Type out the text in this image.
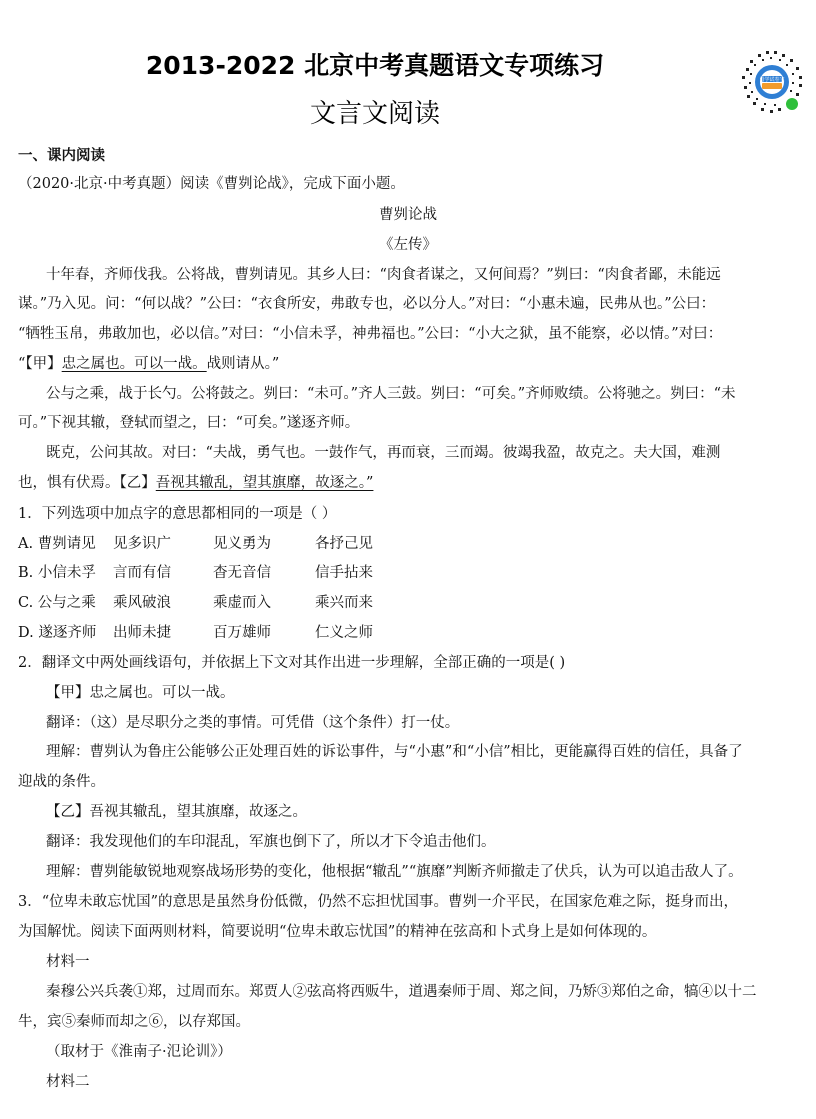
2013-2022 北京中考真题语文专项练习
文言文阅读
留学试卷宝
一、课内阅读
（2020·北京·中考真题）阅读《曹刿论战》，完成下面小题。
曹刿论战
《左传》
十年春，齐师伐我。公将战，曹刿请见。其乡人曰：“肉食者谋之，又何间焉？”刿曰：“肉食者鄙，未能远
谋。”乃入见。问：“何以战？”公曰：“衣食所安，弗敢专也，必以分人。”对曰：“小惠未遍，民弗从也。”公曰：
“牺牲玉帛，弗敢加也，必以信。”对曰：“小信未孚，神弗福也。”公曰：“小大之狱，虽不能察，必以情。”对曰：
“【甲】忠之属也。可以一战。战则请从。”
公与之乘，战于长勺。公将鼓之。刿曰：“未可。”齐人三鼓。刿曰：“可矣。”齐师败绩。公将驰之。刿曰：“未
可。”下视其辙，登轼而望之，曰：“可矣。”遂逐齐师。
既克，公问其故。对曰：“夫战，勇气也。一鼓作气，再而衰，三而竭。彼竭我盈，故克之。夫大国，难测
也，惧有伏焉。【乙】吾视其辙乱，望其旗靡，故逐之。”
1．下列选项中加点字的意思都相同的一项是（ ）
A. 曹刿请见 见多识广	见义勇为	各抒己见
B. 小信未孚 言而有信	杳无音信	信手拈来
C. 公与之乘 乘风破浪	乘虚而入	乘兴而来
D. 遂逐齐师 出师未捷	百万雄师	仁义之师
2．翻译文中两处画线语句，并依据上下文对其作出进一步理解，全部正确的一项是( )
【甲】忠之属也。可以一战。
翻译：（这）是尽职分之类的事情。可凭借（这个条件）打一仗。
理解：曹刿认为鲁庄公能够公正处理百姓的诉讼事件，与“小惠”和“小信”相比，更能赢得百姓的信任，具备了
迎战的条件。
【乙】吾视其辙乱，望其旗靡，故逐之。
翻译：我发现他们的车印混乱，军旗也倒下了，所以才下令追击他们。
理解：曹刿能敏锐地观察战场形势的变化，他根据“辙乱”“旗靡”判断齐师撤走了伏兵，认为可以追击敌人了。
3．“位卑未敢忘忧国”的意思是虽然身份低微，仍然不忘担忧国事。曹刿一介平民，在国家危难之际，挺身而出，
为国解忧。阅读下面两则材料，简要说明“位卑未敢忘忧国”的精神在弦高和卜式身上是如何体现的。
材料一
秦穆公兴兵袭①郑，过周而东。郑贾人②弦高将西贩牛，道遇秦师于周、郑之间，乃矫③郑伯之命，犒④以十二
牛，宾⑤秦师而却之⑥，以存郑国。
（取材于《淮南子·氾论训》）
材料二
